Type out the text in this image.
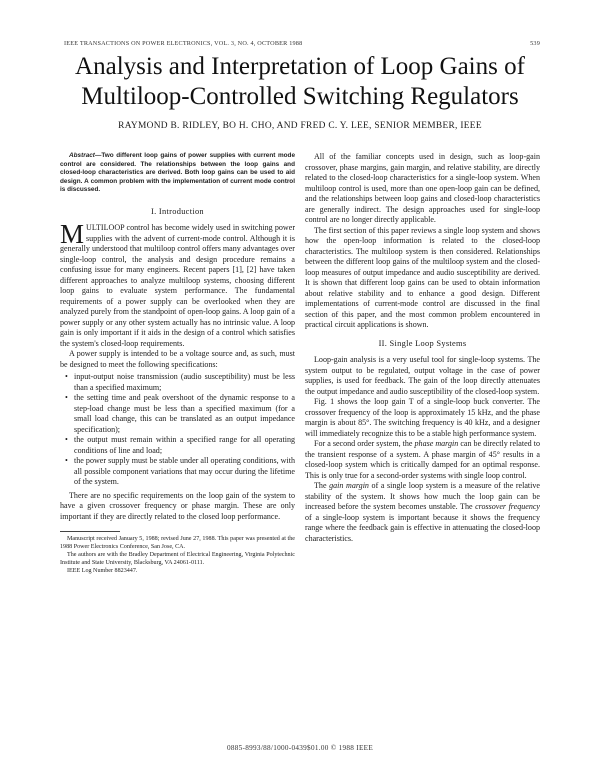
IEEE TRANSACTIONS ON POWER ELECTRONICS, VOL. 3, NO. 4, OCTOBER 1988	539
Analysis and Interpretation of Loop Gains of
Multiloop-Controlled Switching Regulators
RAYMOND B. RIDLEY, BO H. CHO, AND FRED C. Y. LEE, SENIOR MEMBER, IEEE
Abstract—Two different loop gains of power supplies with current mode control are considered. The relationships between the loop gains and closed-loop characteristics are derived. Both loop gains can be used to aid design. A common problem with the implementation of current mode control is discussed.
I. Introduction

MULTILOOP control has become widely used in switching power supplies with the advent of current-mode control. Although it is generally understood that multiloop control offers many advantages over single-loop control, the analysis and design procedure remains a confusing issue for many engineers. Recent papers [1], [2] have taken different approaches to analyze multiloop systems, choosing different loop gains to evaluate system performance. The fundamental requirements of a power supply can be overlooked when they are analyzed purely from the standpoint of open-loop gains. A loop gain of a power supply or any other system actually has no intrinsic value. A loop gain is only important if it aids in the design of a control which satisfies the system's closed-loop requirements.

A power supply is intended to be a voltage source and, as such, must be designed to meet the following specifications:

• input-output noise transmission (audio susceptibility) must be less than a specified maximum;
• the setting time and peak overshoot of the dynamic response to a step-load change must be less than a specified maximum (for a small load change, this can be translated as an output impedance specification);
• the output must remain within a specified range for all operating conditions of line and load;
• the power supply must be stable under all operating conditions, with all possible component variations that may occur during the lifetime of the system.

There are no specific requirements on the loop gain of the system to have a given crossover frequency or phase margin. These are only important if they are directly related to the closed loop performance.

Manuscript received January 5, 1988; revised June 27, 1988. This paper was presented at the 1988 Power Electronics Conference, San Jose, CA.

The authors are with the Bradley Department of Electrical Engineering, Virginia Polytechnic Institute and State University, Blacksburg, VA 24061-0111.

IEEE Log Number 8823447.

All of the familiar concepts used in design, such as loop-gain crossover, phase margins, gain margin, and relative stability, are directly related to the closed-loop characteristics for a single-loop system. When multiloop control is used, more than one open-loop gain can be defined, and the relationships between loop gains and closed-loop characteristics are generally indirect. The design approaches used for single-loop control are no longer directly applicable.

The first section of this paper reviews a single loop system and shows how the open-loop information is related to the closed-loop characteristics. The multiloop system is then considered. Relationships between the different loop gains of the multiloop system and the closed-loop measures of output impedance and audio susceptibility are derived. It is shown that different loop gains can be used to obtain information about relative stability and to enhance a good design. Different implementations of current-mode control are discussed in the final section of this paper, and the most common problem encountered in practical circuit applications is shown.

II. Single Loop Systems

Loop-gain analysis is a very useful tool for single-loop systems. The system output to be regulated, output voltage in the case of power supplies, is used for feedback. The gain of the loop directly attenuates the output impedance and audio susceptibility of the closed-loop system.

Fig. 1 shows the loop gain T of a single-loop buck converter. The crossover frequency of the loop is approximately 15 kHz, and the phase margin is about 85°. The switching frequency is 40 kHz, and a designer will immediately recognize this to be a stable high performance system.

For a second order system, the phase margin can be directly related to the transient response of a system. A phase margin of 45° results in a closed-loop system which is critically damped for an optimal response. This is only true for a second-order systems with single loop control.

The gain margin of a single loop system is a measure of the relative stability of the system. It shows how much the loop gain can be increased before the system becomes unstable. The crossover frequency of a single-loop system is important because it shows the frequency range where the feedback gain is effective in attenuating the closed-loop characteristics.

0885-8993/88/1000-0439$01.00 © 1988 IEEE
